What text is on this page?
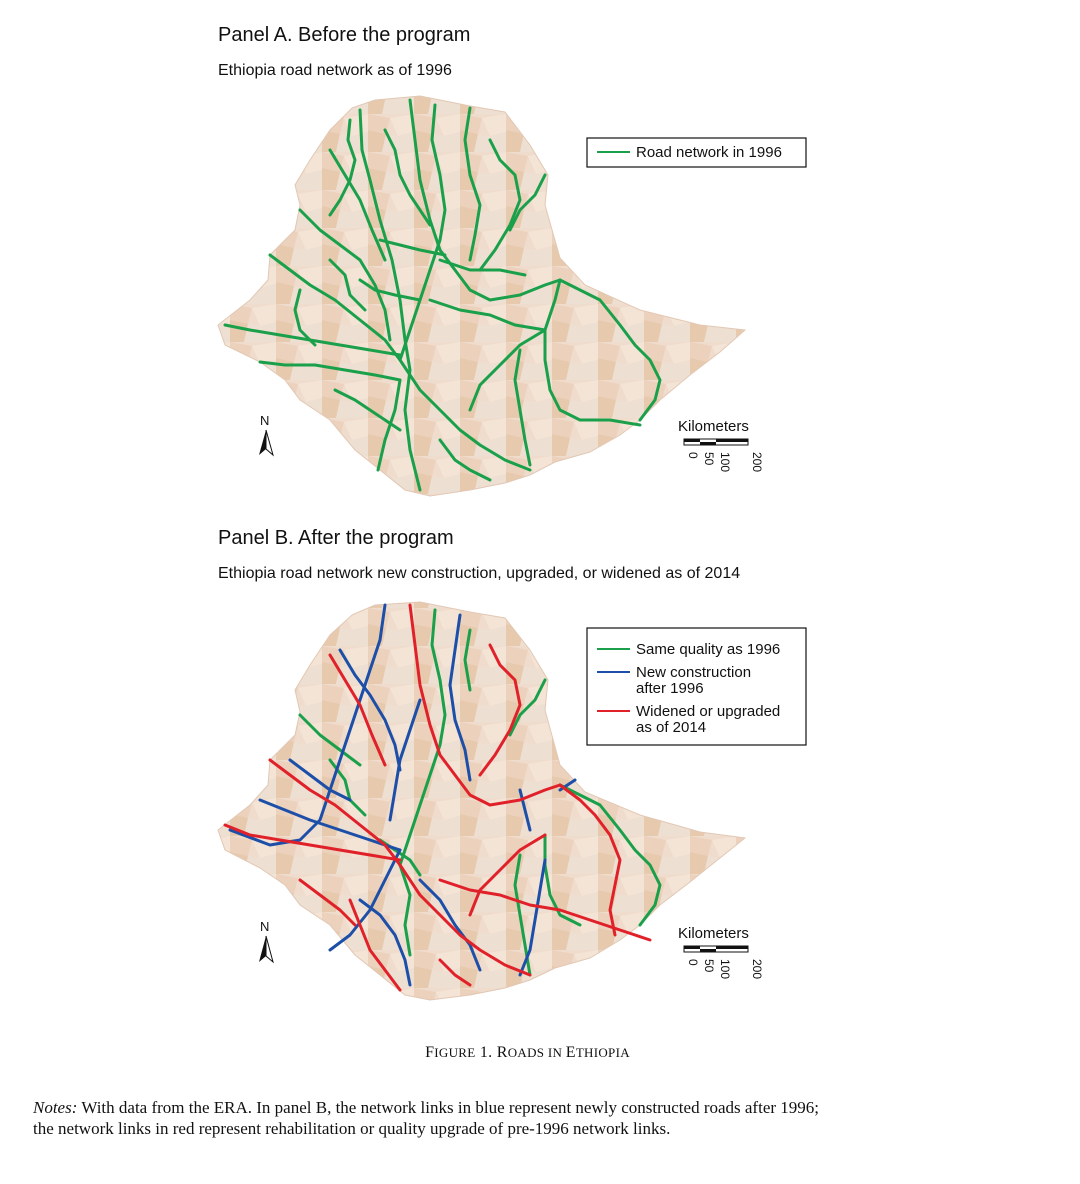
Panel A. Before the program
Ethiopia road network as of 1996
Road network in 1996
N	Kilometers
0 50 100 200
Panel B. After the program
Ethiopia road network new construction, upgraded, or widened as of 2014
Same quality as 1996
New construction
after 1996
Widened or upgraded
as of 2014
N	Kilometers
0 50 100 200
FIGURE 1. ROADS IN ETHIOPIA
Notes: With data from the ERA. In panel B, the network links in blue represent newly constructed roads after 1996;
the network links in red represent rehabilitation or quality upgrade of pre-1996 network links.
